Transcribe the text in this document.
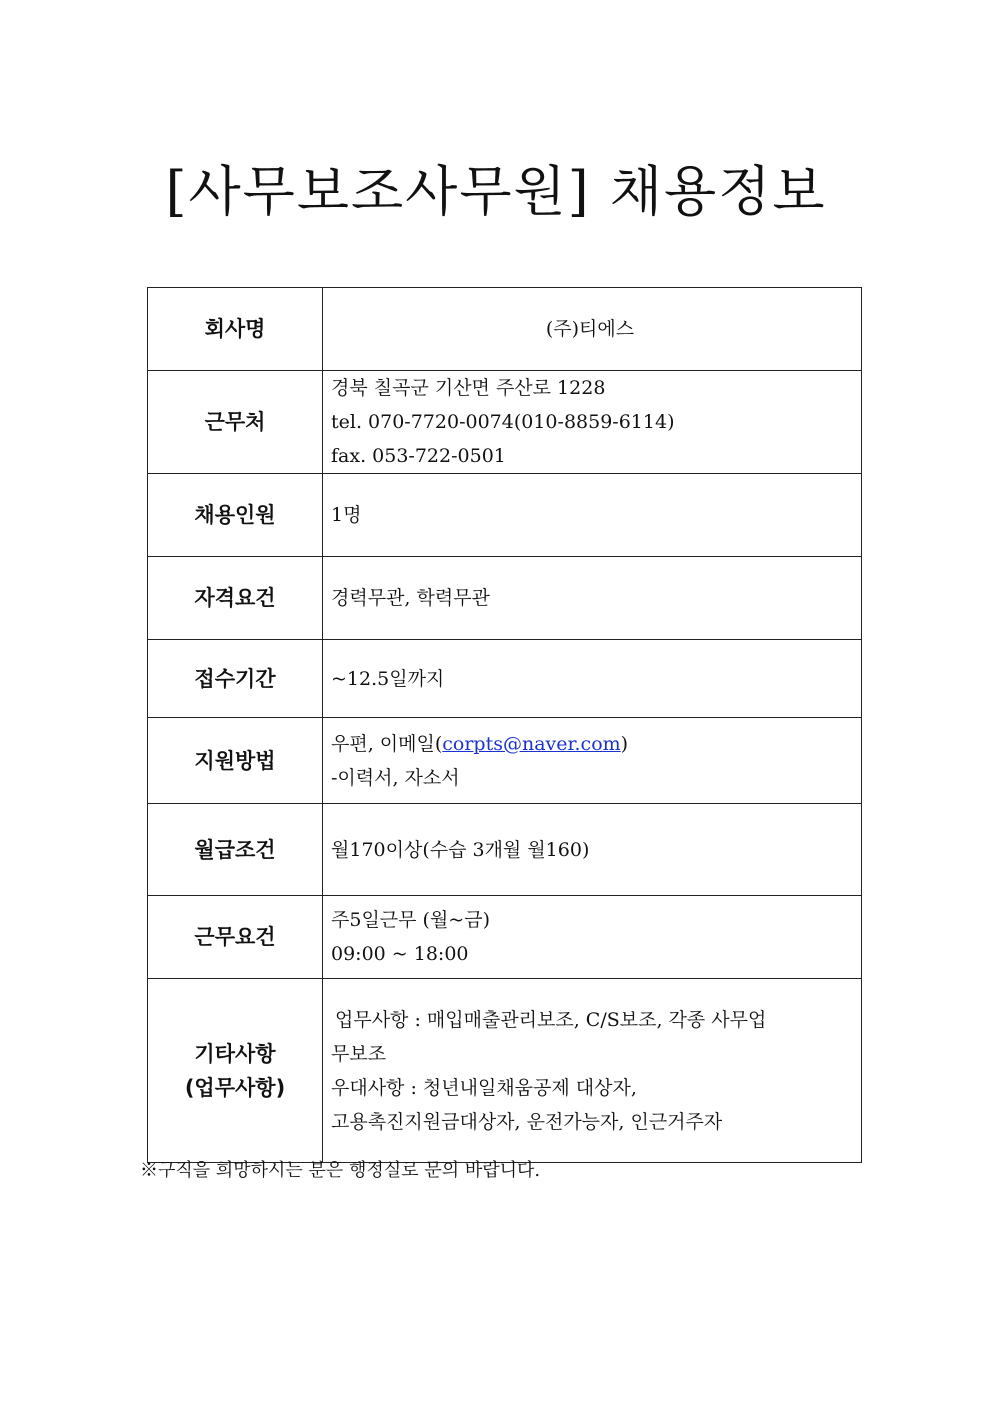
[사무보조사무원] 채용정보
회사명	(주)티에스
근무처	경북 칠곡군 기산면 주산로 1228
tel. 070-7720-0074(010-8859-6114)
fax. 053-722-0501

채용인원	1명
자격요건	경력무관, 학력무관
접수기간	~12.5일까지
지원방법	우편, 이메일(corpts@naver.com)
-이력서, 자소서

월급조건	월170이상(수습 3개월 월160)
근무요건	주5일근무 (월~금)
09:00 ~ 18:00

기타사항
(업무사항)	업무사항 : 매입매출관리보조, C/S보조, 각종 사무업
무보조
우대사항 : 청년내일채움공제 대상자,
고용촉진지원금대상자, 운전가능자, 인근거주자
※구직을 희망하시는 분은 행정실로 문의 바랍니다.
